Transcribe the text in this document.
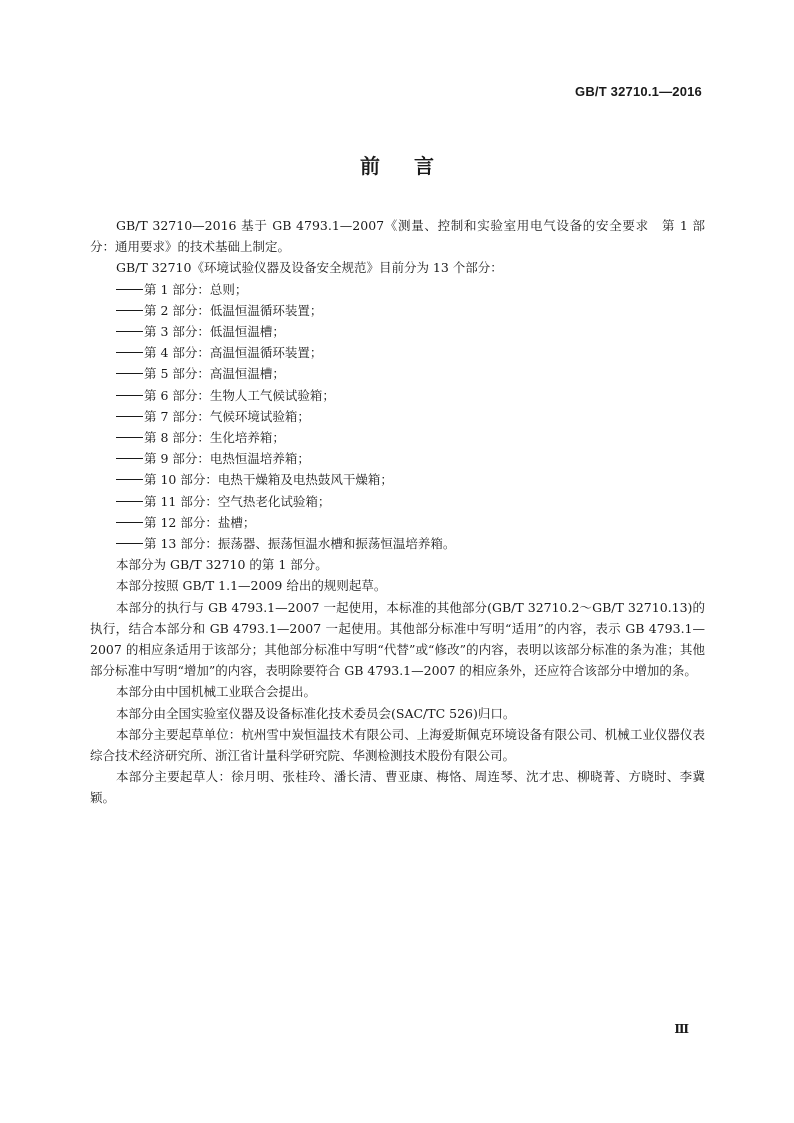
GB/T 32710.1—2016
前言

GB/T 32710—2016 基于 GB 4793.1—2007《测量、控制和实验室用电气设备的安全要求　第 1 部分：通用要求》的技术基础上制定。

GB/T 32710《环境试验仪器及设备安全规范》目前分为 13 个部分：

第 1 部分：总则；
第 2 部分：低温恒温循环装置；
第 3 部分：低温恒温槽；
第 4 部分：高温恒温循环装置；
第 5 部分：高温恒温槽；
第 6 部分：生物人工气候试验箱；
第 7 部分：气候环境试验箱；
第 8 部分：生化培养箱；
第 9 部分：电热恒温培养箱；
第 10 部分：电热干燥箱及电热鼓风干燥箱；
第 11 部分：空气热老化试验箱；
第 12 部分：盐槽；
第 13 部分：振荡器、振荡恒温水槽和振荡恒温培养箱。

本部分为 GB/T 32710 的第 1 部分。

本部分按照 GB/T 1.1—2009 给出的规则起草。

本部分的执行与 GB 4793.1—2007 一起使用，本标准的其他部分(GB/T 32710.2～GB/T 32710.13)的执行，结合本部分和 GB 4793.1—2007 一起使用。其他部分标准中写明“适用”的内容，表示 GB 4793.1—2007 的相应条适用于该部分；其他部分标准中写明“代替”或“修改”的内容，表明以该部分标准的条为准；其他部分标准中写明“增加”的内容，表明除要符合 GB 4793.1—2007 的相应条外，还应符合该部分中增加的条。

本部分由中国机械工业联合会提出。

本部分由全国实验室仪器及设备标准化技术委员会(SAC/TC 526)归口。

本部分主要起草单位：杭州雪中炭恒温技术有限公司、上海爱斯佩克环境设备有限公司、机械工业仪器仪表综合技术经济研究所、浙江省计量科学研究院、华测检测技术股份有限公司。

本部分主要起草人：徐月明、张桂玲、潘长清、曹亚康、梅恪、周连琴、沈才忠、柳晓菁、方晓时、李冀颖。

Ⅲ
